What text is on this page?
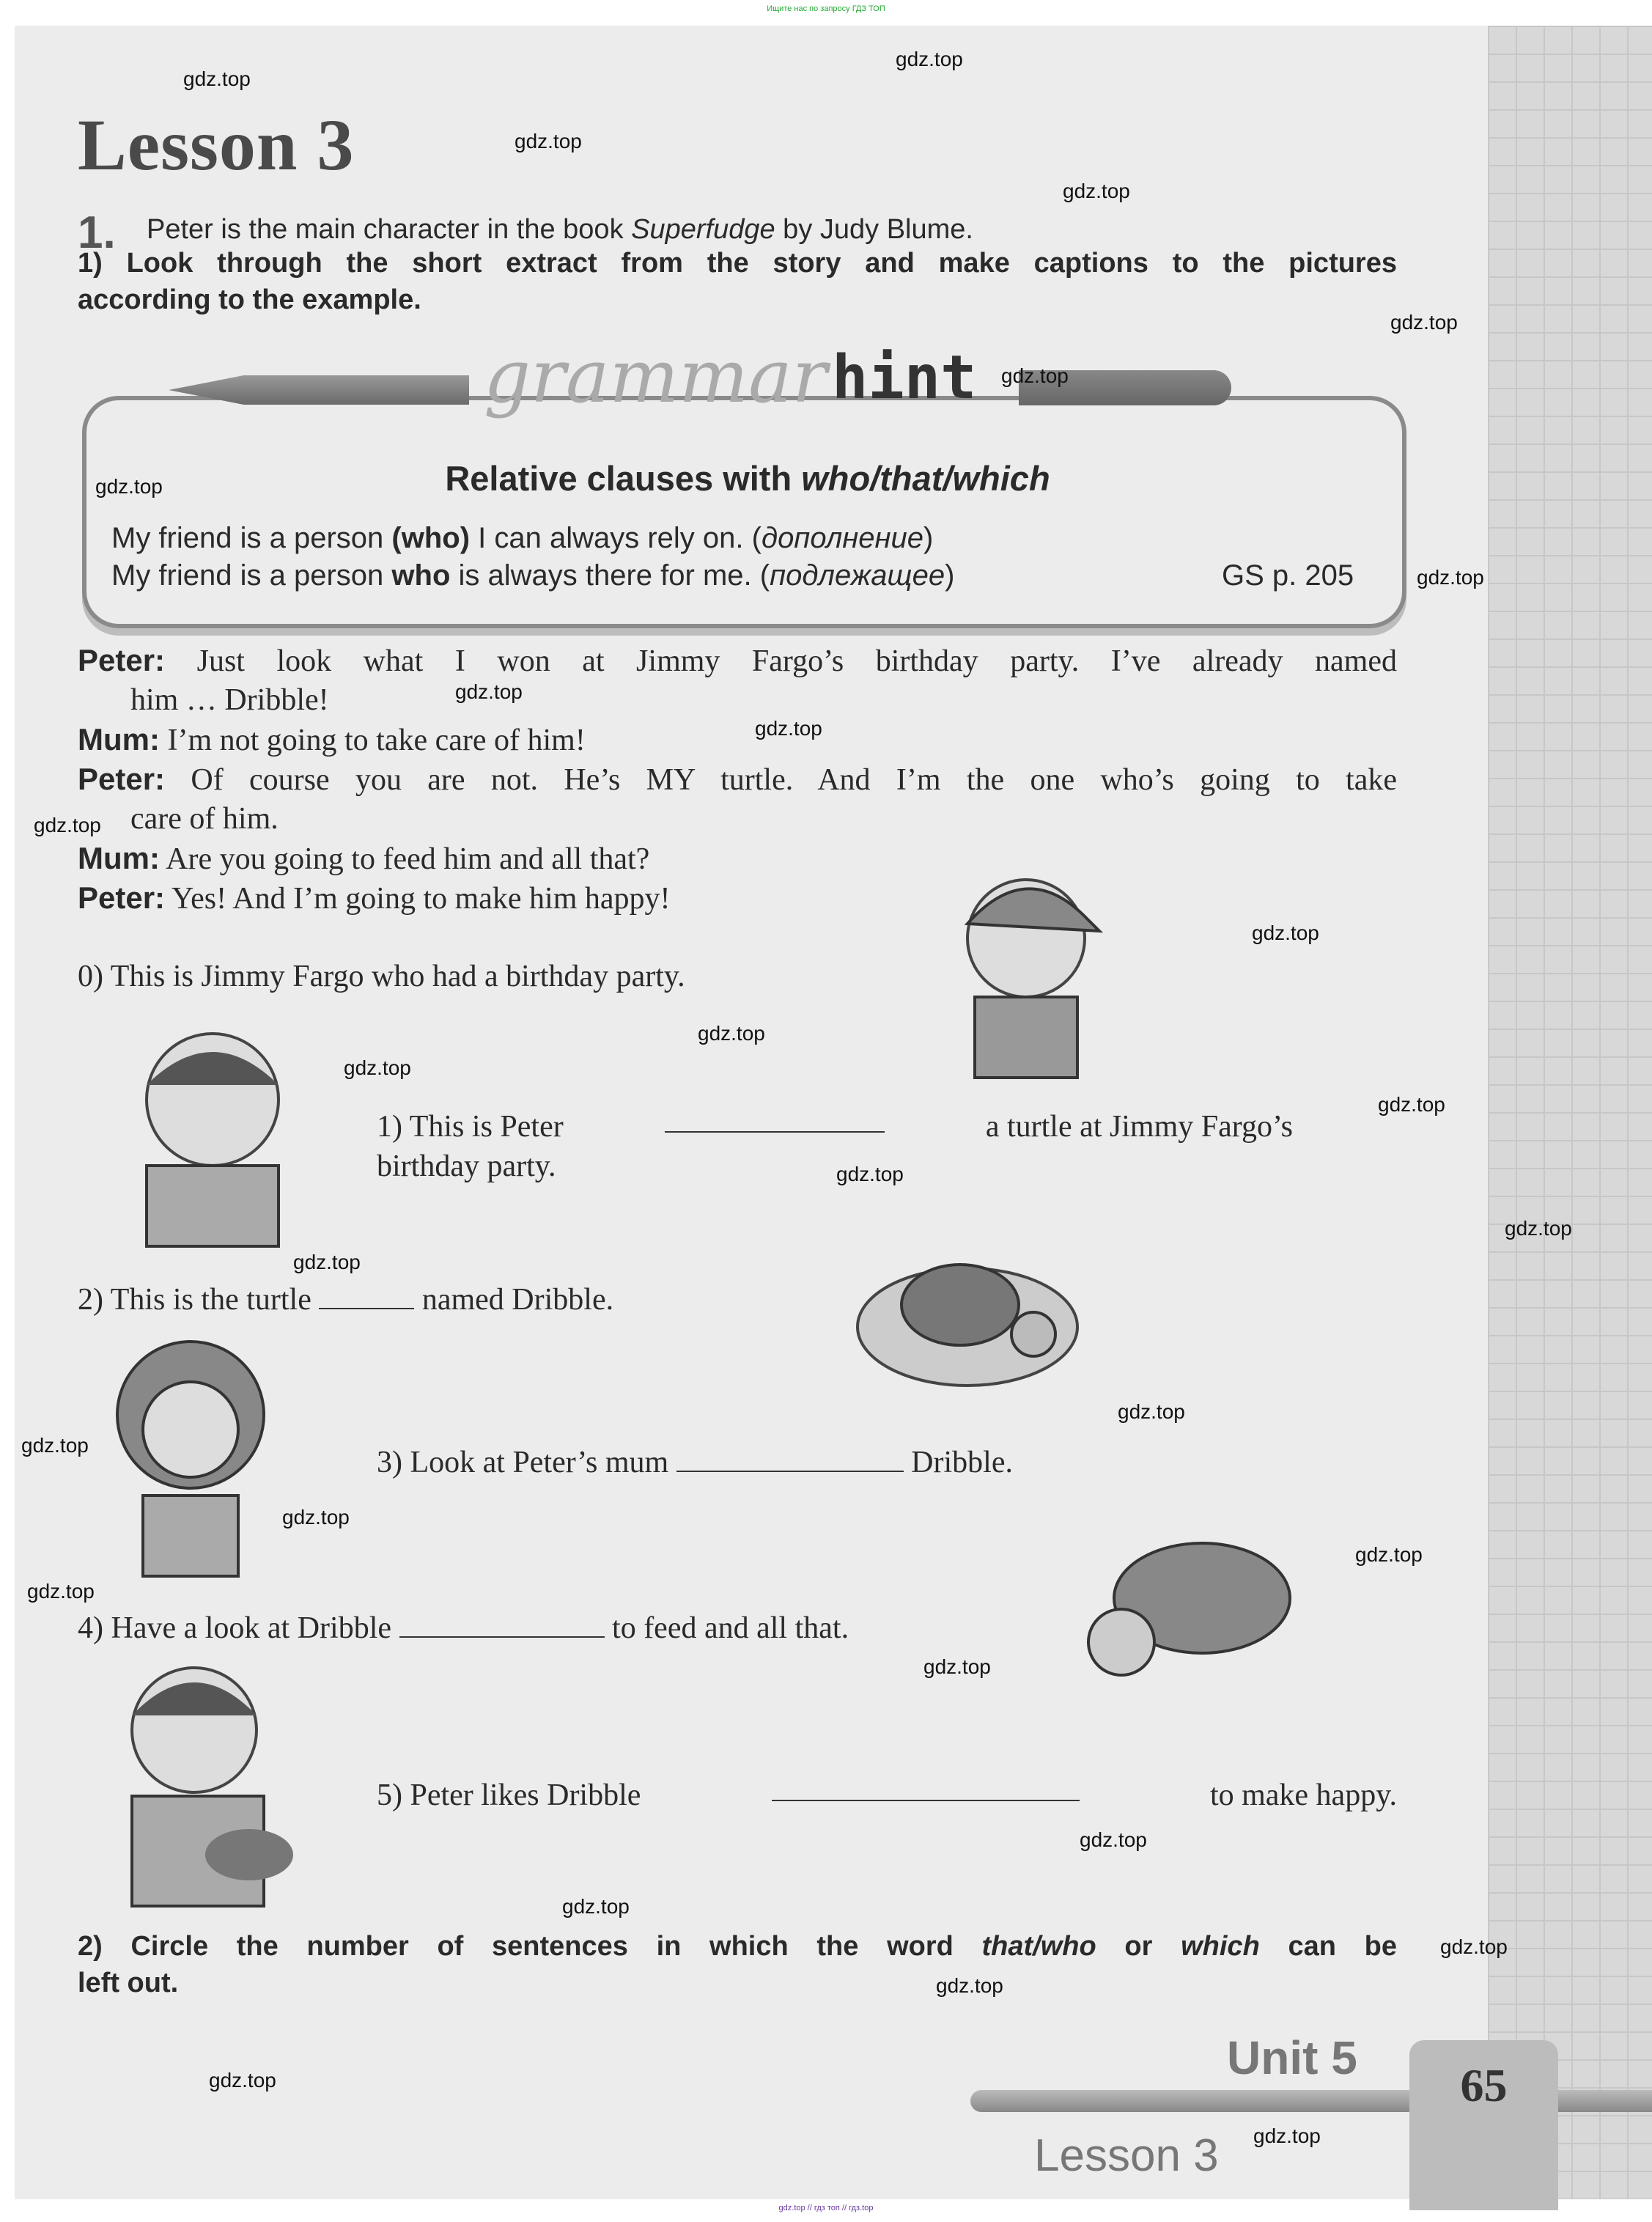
Ищите нас по запросу ГДЗ ТОП
Lesson 3
1. Peter is the main character in the book Superfudge by Judy Blume.
1) Look through the short extract from the story and make captions to the pictures
according to the example.
grammar hint
Relative clauses with who/that/which
My friend is a person (who) I can always rely on. (дополнение)
My friend is a person who is always there for me. (подлежащее)	GS p. 205
Peter: Just look what I won at Jimmy Fargo’s birthday party. I’ve already named
him … Dribble!
Mum: I’m not going to take care of him!
Peter: Of course you are not. He’s MY turtle. And I’m the one who’s going to take
care of him.
Mum: Are you going to feed him and all that?
Peter: Yes! And I’m going to make him happy!
0) This is Jimmy Fargo who had a birthday party.
1) This is Peter	a turtle at Jimmy Fargo’s
birthday party.
2) This is the turtle	named Dribble.
3) Look at Peter’s mum	Dribble.
4) Have a look at Dribble	to feed and all that.
5) Peter likes Dribble	to make happy.
2) Circle the number of sentences in which the word that/who or which can be
left out.
Unit 5
65
Lesson 3
gdz.top
gdz.top
gdz.top
gdz.top
gdz.top
gdz.top
gdz.top
gdz.top
gdz.top
gdz.top
gdz.top
gdz.top
gdz.top
gdz.top
gdz.top
gdz.top
gdz.top
gdz.top
gdz.top
gdz.top
gdz.top
gdz.top
gdz.top
gdz.top
gdz.top
gdz.top
gdz.top
gdz.top
gdz.top
gdz.top
gdz.top // гдз топ // гдз.top
